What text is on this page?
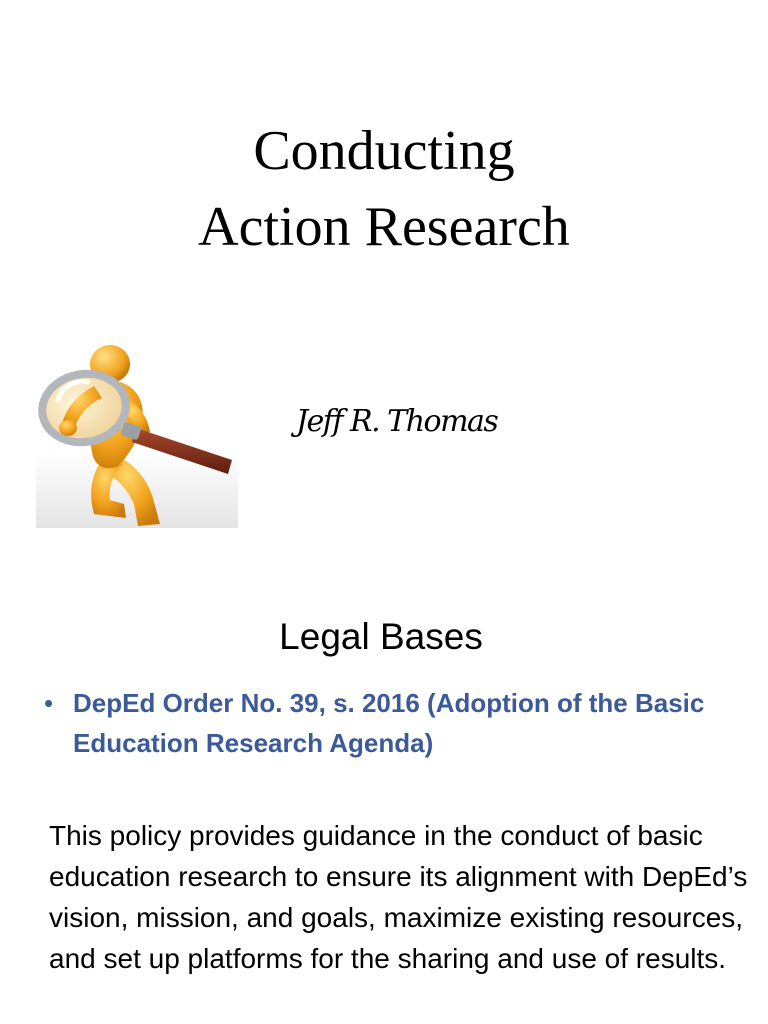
Conducting
Action Research

Jeff R. Thomas

Legal Bases
• DepEd Order No. 39, s. 2016 (Adoption of the Basic Education Research Agenda)

This policy provides guidance in the conduct of basic education research to ensure its alignment with DepEd’s vision, mission, and goals, maximize existing resources, and set up platforms for the sharing and use of results.
